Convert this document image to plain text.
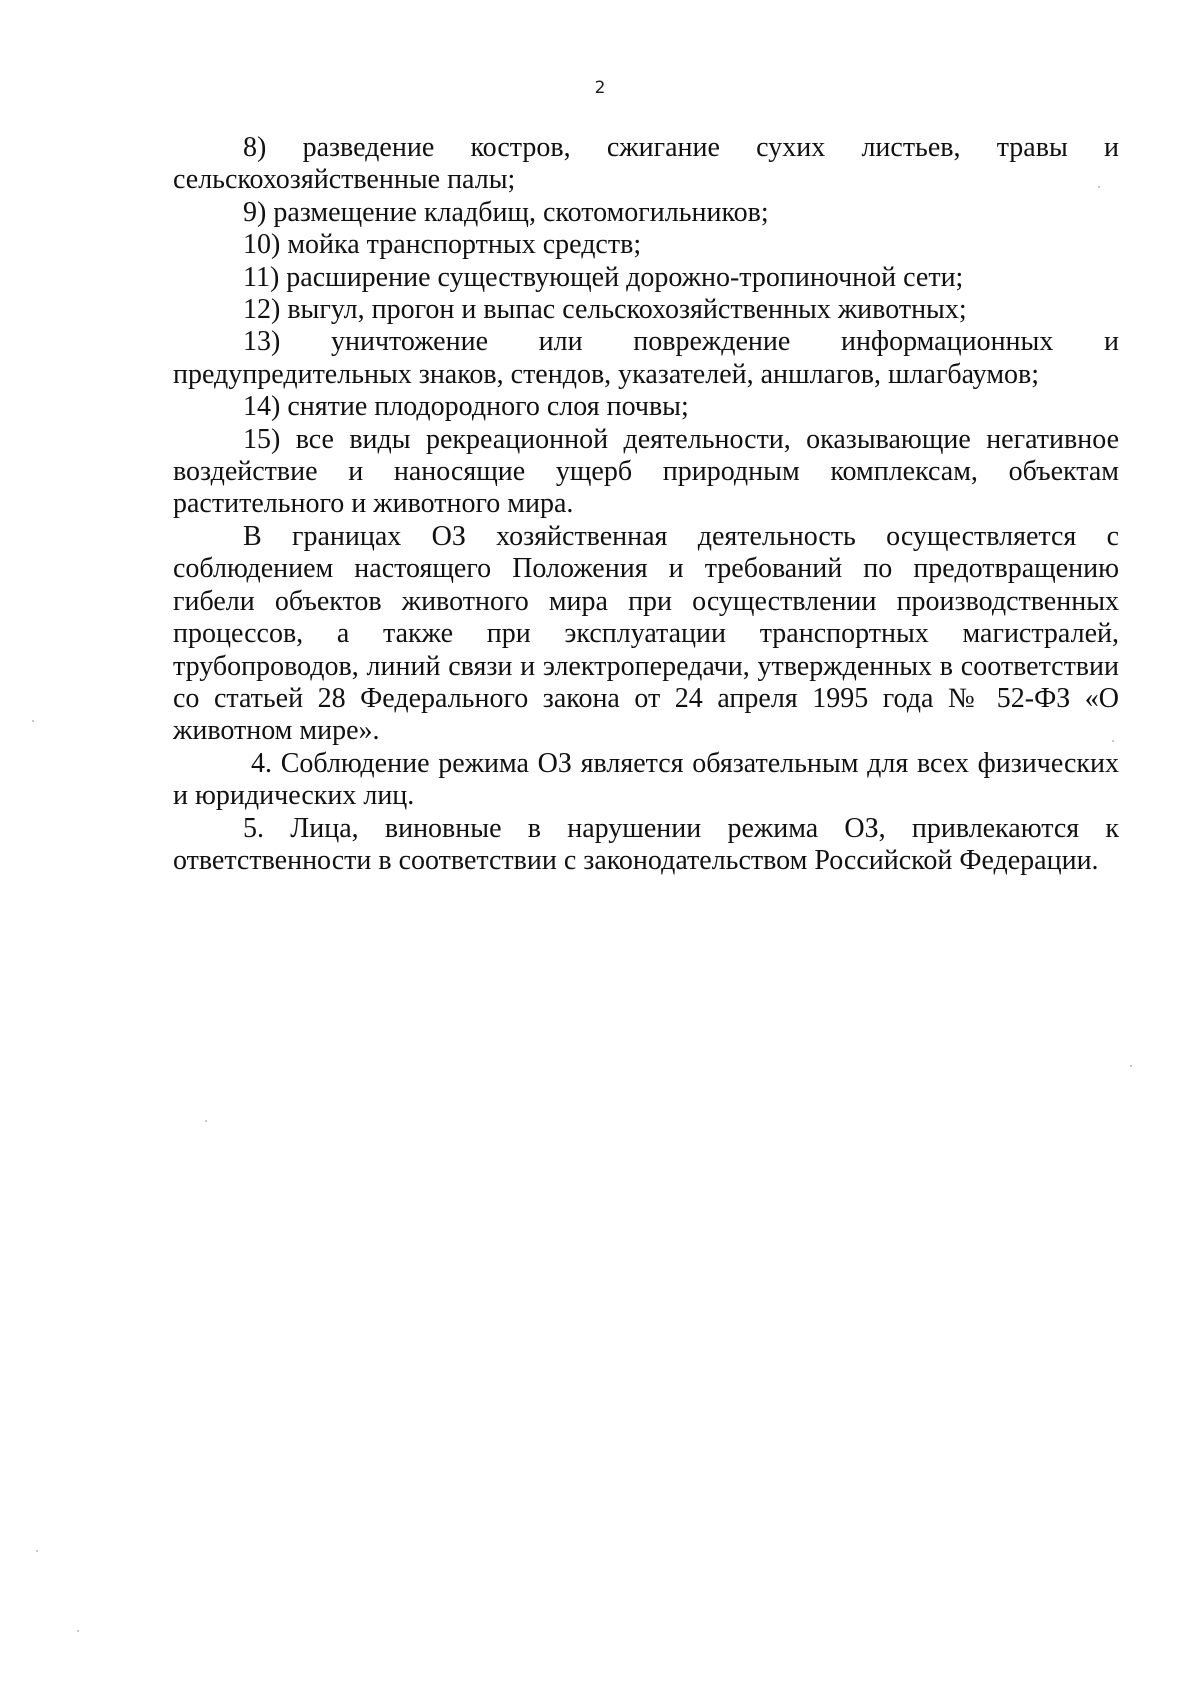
2

8) разведение костров, сжигание сухих листьев, травы и сельскохозяйственные палы;

9) размещение кладбищ, скотомогильников;

10) мойка транспортных средств;

11) расширение существующей дорожно-тропиночной сети;

12) выгул, прогон и выпас сельскохозяйственных животных;

13) уничтожение или повреждение информационных и предупредительных знаков, стендов, указателей, аншлагов, шлагбаумов;

14) снятие плодородного слоя почвы;

15) все виды рекреационной деятельности, оказывающие негативное воздействие и наносящие ущерб природным комплексам, объектам растительного и животного мира.

В границах ОЗ хозяйственная деятельность осуществляется с соблюдением настоящего Положения и требований по предотвращению гибели объектов животного мира при осуществлении производственных процессов, а также при эксплуатации транспортных магистралей, трубопроводов, линий связи и электропередачи, утвержденных в соответствии со статьей 28 Федерального закона от 24 апреля 1995 года № 52-ФЗ «О животном мире».

4. Соблюдение режима ОЗ является обязательным для всех физических и юридических лиц.

5. Лица, виновные в нарушении режима ОЗ, привлекаются к ответственности в соответствии с законодательством Российской Федерации.
